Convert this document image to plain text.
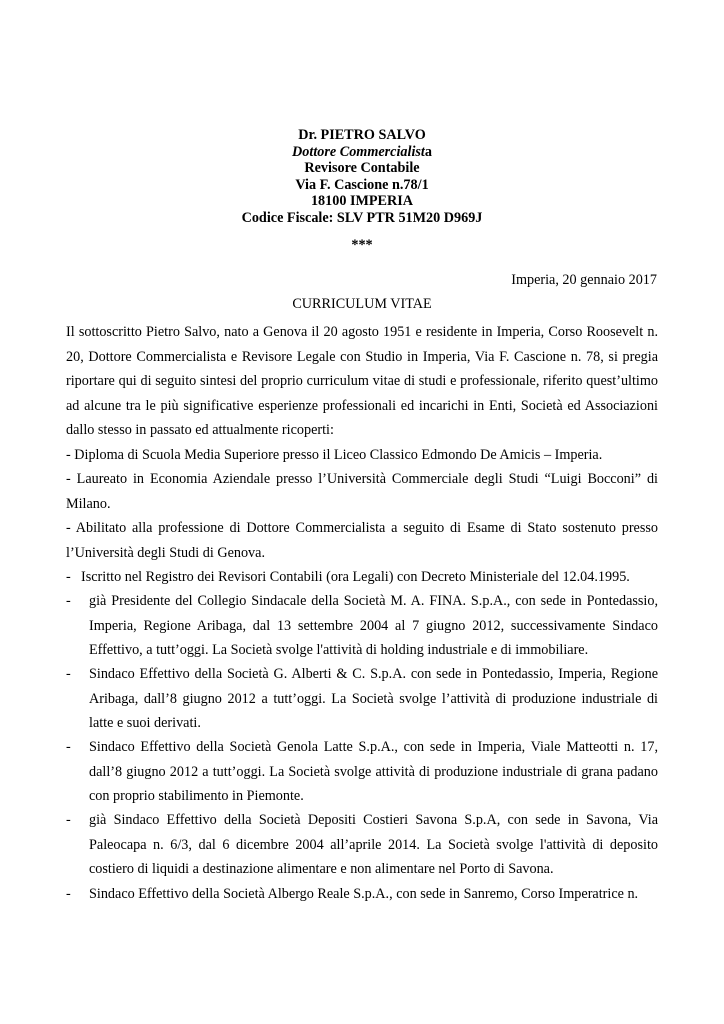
Dr. PIETRO SALVO
Dottore Commercialista
Revisore Contabile
Via F. Cascione n.78/1
18100 IMPERIA
Codice Fiscale: SLV PTR 51M20 D969J
***
Imperia, 20 gennaio 2017
CURRICULUM VITAE
Il sottoscritto Pietro Salvo, nato a Genova il 20 agosto 1951 e residente in Imperia, Corso Roosevelt n. 20, Dottore Commercialista e Revisore Legale con Studio in Imperia, Via F. Cascione n. 78, si pregia riportare qui di seguito sintesi del proprio curriculum vitae di studi e professionale, riferito quest’ultimo ad alcune tra le più significative esperienze professionali ed incarichi in Enti, Società ed Associazioni dallo stesso in passato ed attualmente ricoperti:
- Diploma di Scuola Media Superiore presso il Liceo Classico Edmondo De Amicis – Imperia.
- Laureato in Economia Aziendale presso l’Università Commerciale degli Studi “Luigi Bocconi” di Milano.
- Abilitato alla professione di Dottore Commercialista a seguito di Esame di Stato sostenuto presso l’Università degli Studi di Genova.
- Iscritto nel Registro dei Revisori Contabili (ora Legali) con Decreto Ministeriale del 12.04.1995.
- già Presidente del Collegio Sindacale della Società M. A. FINA. S.p.A., con sede in Pontedassio, Imperia, Regione Aribaga, dal 13 settembre 2004 al 7 giugno 2012, successivamente Sindaco Effettivo, a tutt’oggi. La Società svolge l'attività di holding industriale e di immobiliare.
- Sindaco Effettivo della Società G. Alberti & C. S.p.A. con sede in Pontedassio, Imperia, Regione Aribaga, dall’8 giugno 2012 a tutt’oggi. La Società svolge l’attività di produzione industriale di latte e suoi derivati.
- Sindaco Effettivo della Società Genola Latte S.p.A., con sede in Imperia, Viale Matteotti n. 17, dall’8 giugno 2012 a tutt’oggi. La Società svolge attività di produzione industriale di grana padano con proprio stabilimento in Piemonte.
- già Sindaco Effettivo della Società Depositi Costieri Savona S.p.A, con sede in Savona, Via Paleocapa n. 6/3, dal 6 dicembre 2004 all’aprile 2014. La Società svolge l'attività di deposito costiero di liquidi a destinazione alimentare e non alimentare nel Porto di Savona.
- Sindaco Effettivo della Società Albergo Reale S.p.A., con sede in Sanremo, Corso Imperatrice n.
